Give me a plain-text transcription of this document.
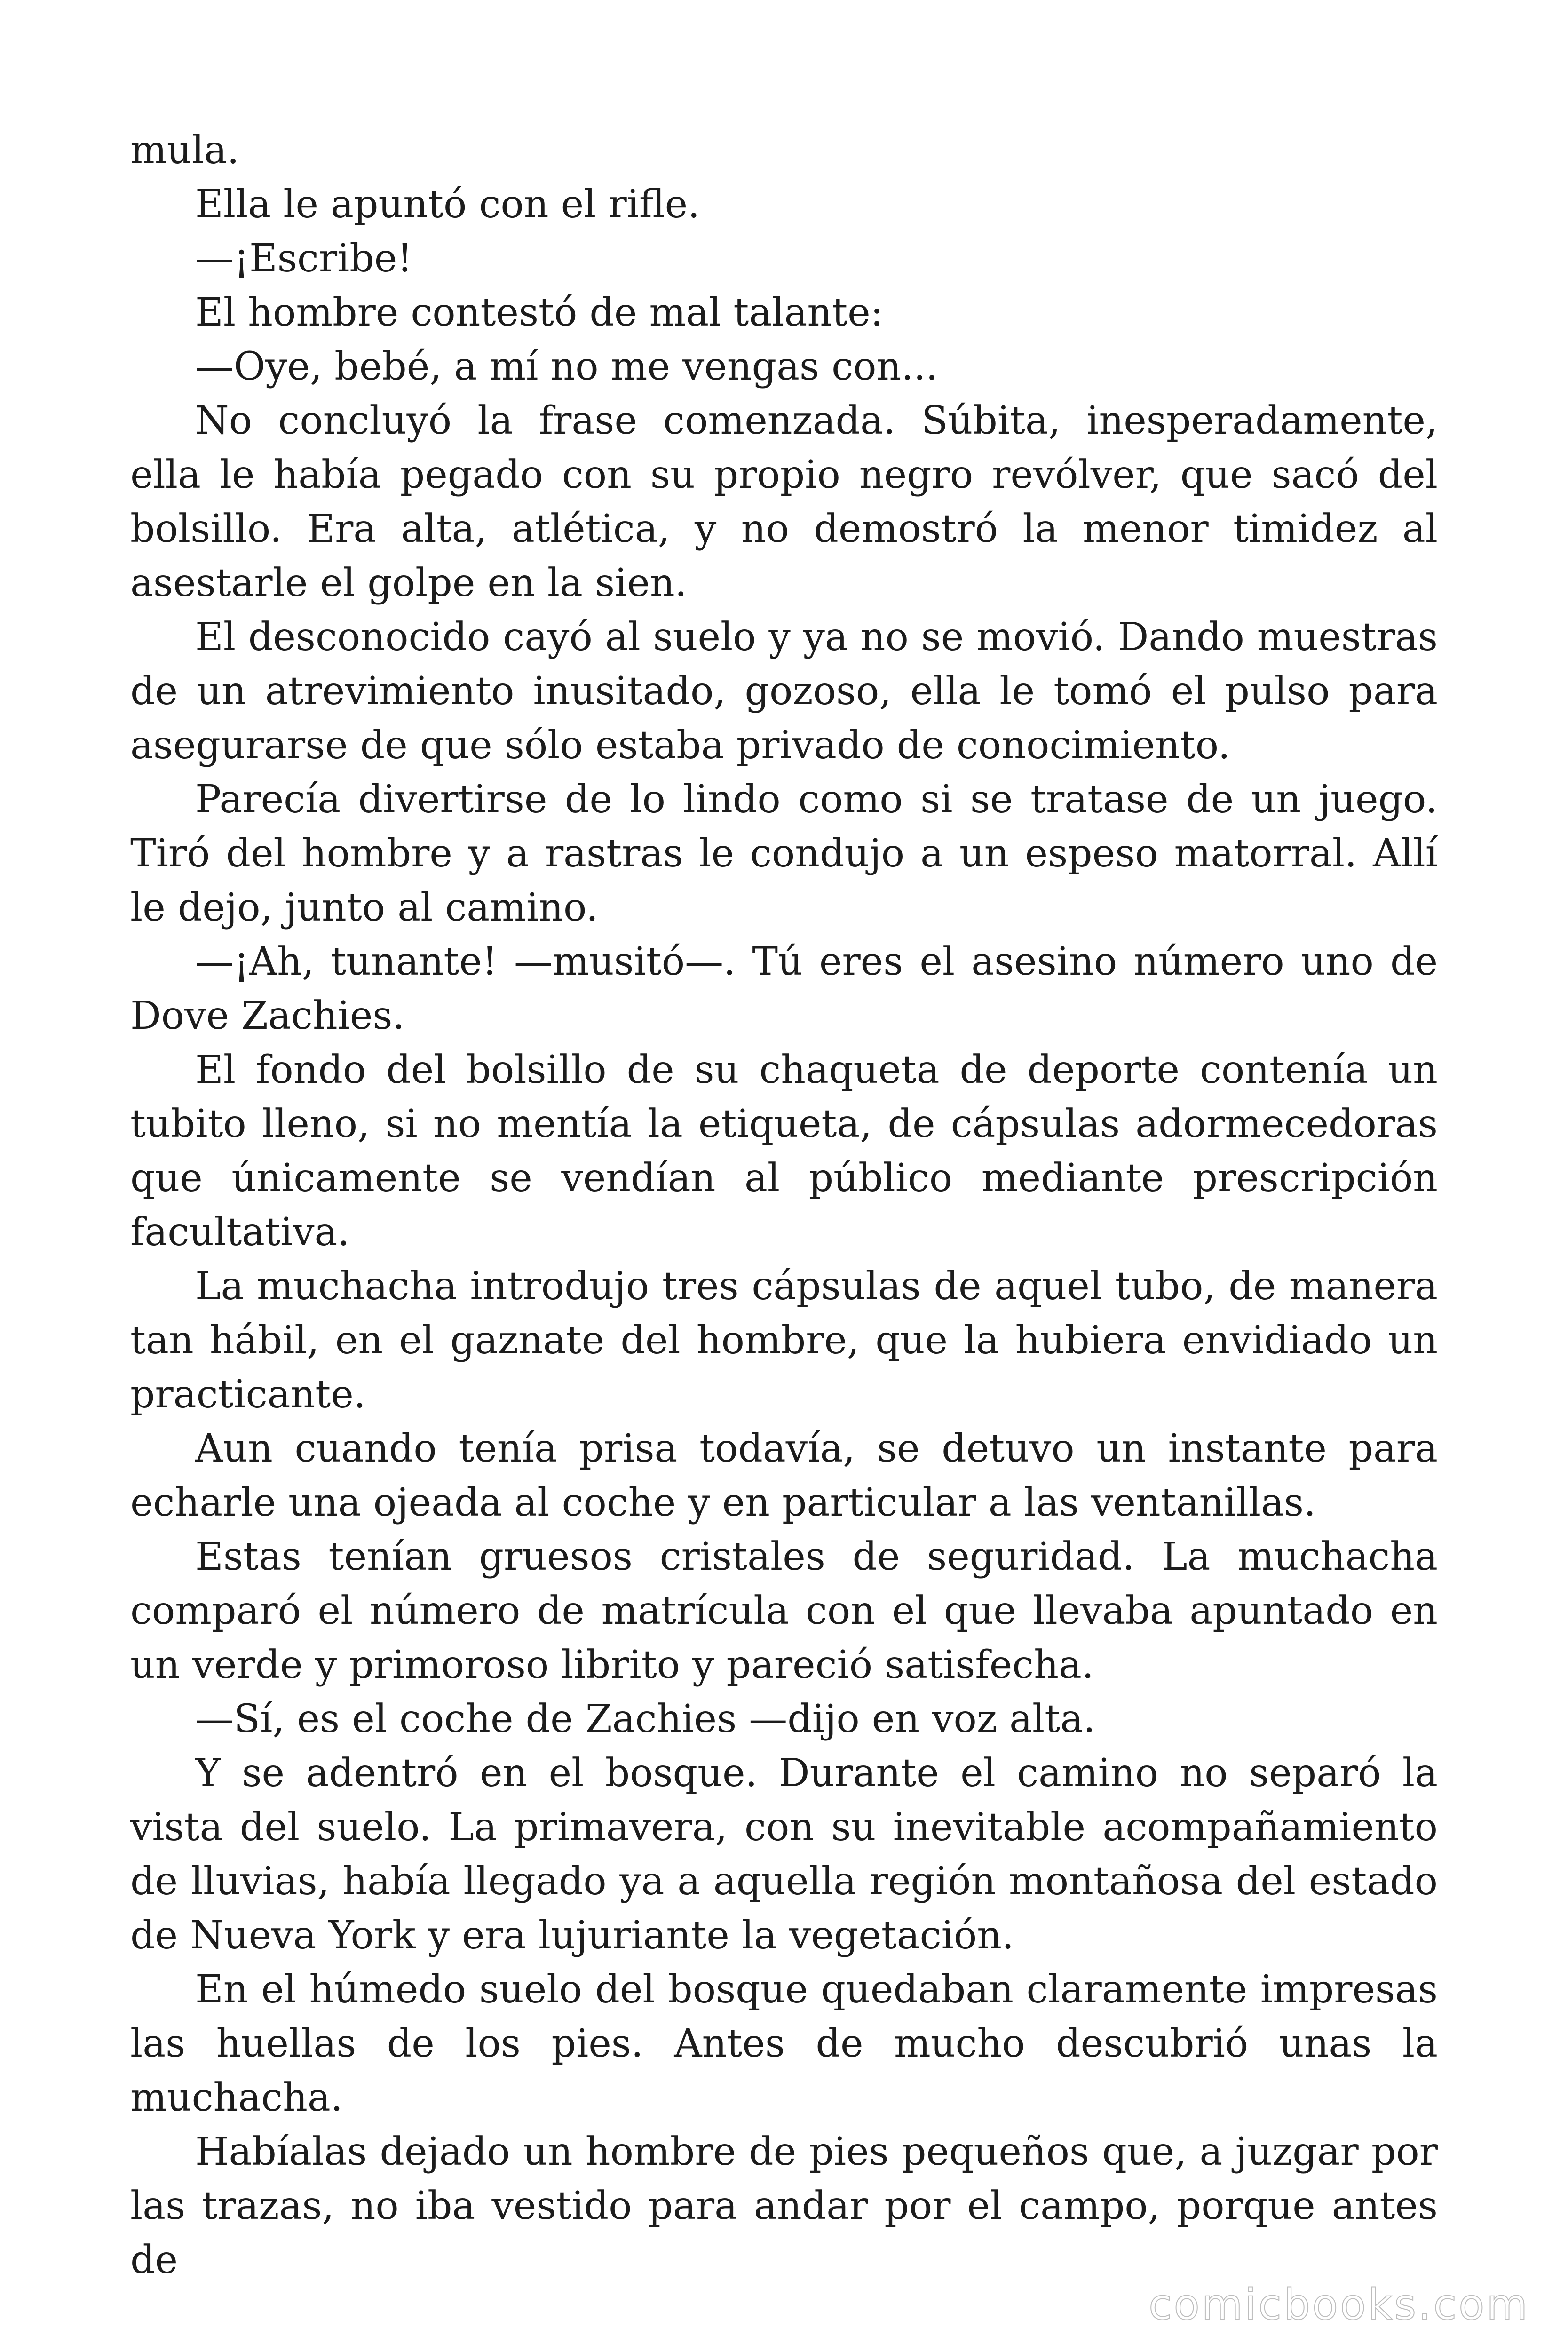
mula.

Ella le apuntó con el rifle.

—¡Escribe!

El hombre contestó de mal talante:

—Oye, bebé, a mí no me vengas con...

No concluyó la frase comenzada. Súbita, inesperadamente, ella le había pegado con su propio negro revólver, que sacó del bolsillo. Era alta, atlética, y no demostró la menor timidez al asestarle el golpe en la sien.

El desconocido cayó al suelo y ya no se movió. Dando muestras de un atrevimiento inusitado, gozoso, ella le tomó el pulso para asegurarse de que sólo estaba privado de conocimiento.

Parecía divertirse de lo lindo como si se tratase de un juego. Tiró del hombre y a rastras le condujo a un espeso matorral. Allí le dejo, junto al camino.

—¡Ah, tunante! —musitó—. Tú eres el asesino número uno de Dove Zachies.

El fondo del bolsillo de su chaqueta de deporte contenía un tubito lleno, si no mentía la etiqueta, de cápsulas adormecedoras que únicamente se vendían al público mediante prescripción facultativa.

La muchacha introdujo tres cápsulas de aquel tubo, de manera tan hábil, en el gaznate del hombre, que la hubiera envidiado un practicante.

Aun cuando tenía prisa todavía, se detuvo un instante para echarle una ojeada al coche y en particular a las ventanillas.

Estas tenían gruesos cristales de seguridad. La muchacha comparó el número de matrícula con el que llevaba apuntado en un verde y primoroso librito y pareció satisfecha.

—Sí, es el coche de Zachies —dijo en voz alta.

Y se adentró en el bosque. Durante el camino no separó la vista del suelo. La primavera, con su inevitable acompañamiento de lluvias, había llegado ya a aquella región montañosa del estado de Nueva York y era lujuriante la vegetación.

En el húmedo suelo del bosque quedaban claramente impresas las huellas de los pies. Antes de mucho descubrió unas la muchacha.

Habíalas dejado un hombre de pies pequeños que, a juzgar por las trazas, no iba vestido para andar por el campo, porque antes de

comicbooks.com
